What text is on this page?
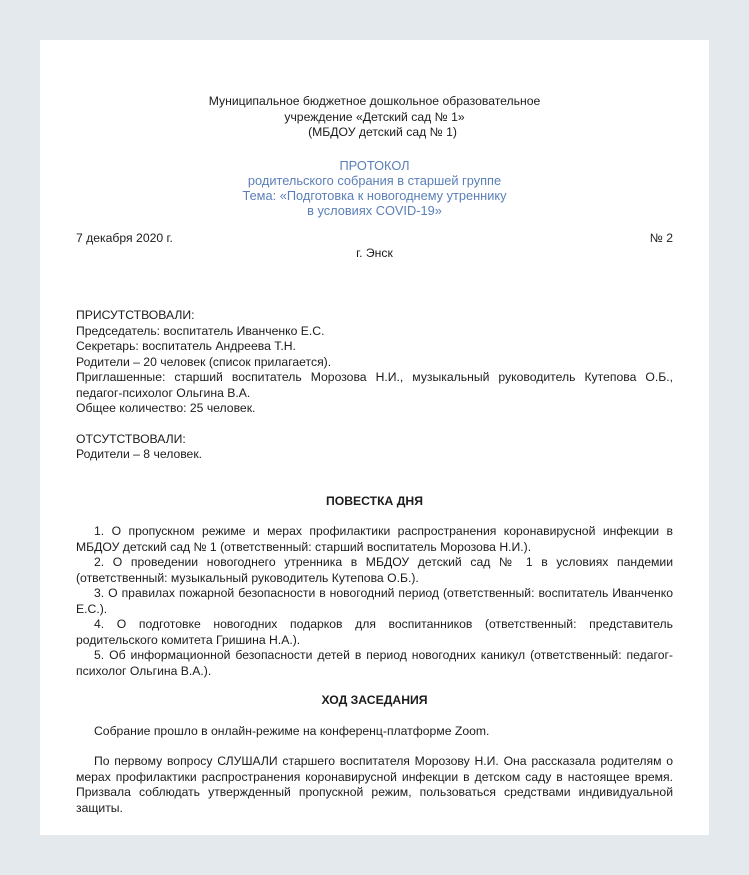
Муниципальное бюджетное дошкольное образовательное
учреждение «Детский сад № 1»
(МБДОУ детский сад № 1)
ПРОТОКОЛ
родительского собрания в старшей группе
Тема: «Подготовка к новогоднему утреннику
в условиях COVID-19»
7 декабря 2020 г.	№ 2
г. Энск
ПРИСУТСТВОВАЛИ:
Председатель: воспитатель Иванченко Е.С.
Секретарь: воспитатель Андреева Т.Н.
Родители – 20 человек (список прилагается).
Приглашенные: старший воспитатель Морозова Н.И., музыкальный руководитель Кутепова О.Б., педагог-психолог Ольгина В.А.
Общее количество: 25 человек.
ОТСУТСТВОВАЛИ:
Родители – 8 человек.
ПОВЕСТКА ДНЯ
1. О пропускном режиме и мерах профилактики распространения коронавирусной инфекции в МБДОУ детский сад № 1 (ответственный: старший воспитатель Морозова Н.И.).
2. О проведении новогоднего утренника в МБДОУ детский сад № 1 в условиях пандемии (ответственный: музыкальный руководитель Кутепова О.Б.).
3. О правилах пожарной безопасности в новогодний период (ответственный: воспитатель Иванченко Е.С.).
4. О подготовке новогодних подарков для воспитанников (ответственный: представитель родительского комитета Гришина Н.А.).
5. Об информационной безопасности детей в период новогодних каникул (ответственный: педагог-психолог Ольгина В.А.).
ХОД ЗАСЕДАНИЯ
Собрание прошло в онлайн-режиме на конференц-платформе Zoom.
По первому вопросу СЛУШАЛИ старшего воспитателя Морозову Н.И. Она рассказала родителям о мерах профилактики распространения коронавирусной инфекции в детском саду в настоящее время. Призвала соблюдать утвержденный пропускной режим, пользоваться средствами индивидуальной защиты.
